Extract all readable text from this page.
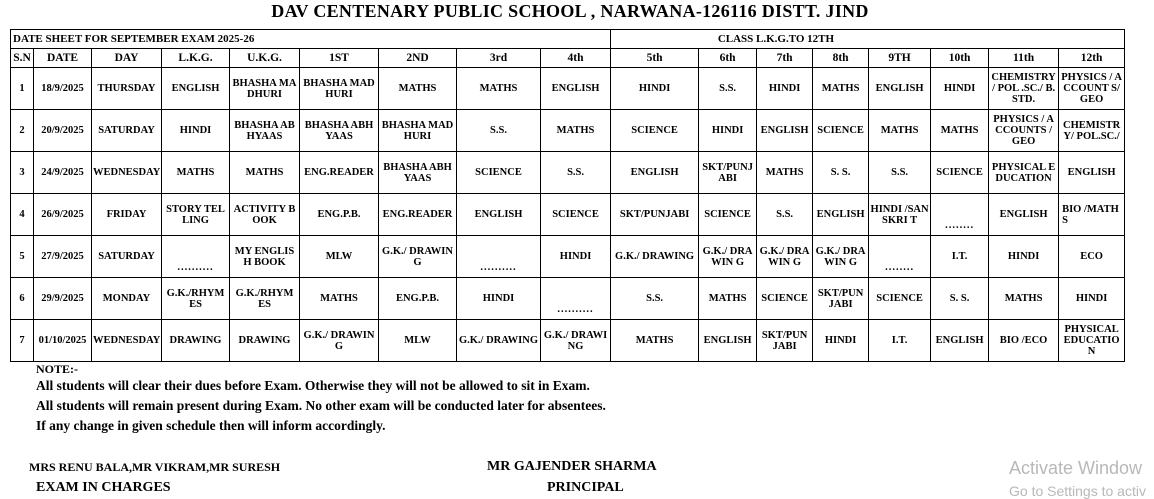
DAV CENTENARY PUBLIC SCHOOL , NARWANA-126116 DISTT. JIND
DATE SHEET FOR SEPTEMBER EXAM 2025-26									CLASS L.K.G.TO 12TH							
S.N	DATE	DAY	L.K.G.	U.K.G.	1ST	2ND	3rd	4th	5th	6th	7th	8th	9TH	10th	11th	12th
1	18/9/2025	THURSDAY	ENGLISH	BHASHA MADHURI	BHASHA MADHURI	MATHS	MATHS	ENGLISH	HINDI	S.S.	HINDI	MATHS	ENGLISH	HINDI	CHEMISTRY / POL .SC./ B.STD.	PHYSICS / ACCOUNT S/ GEO
2	20/9/2025	SATURDAY	HINDI	BHASHA ABHYAAS	BHASHA ABHYAAS	BHASHA MADHURI	S.S.	MATHS	SCIENCE	HINDI	ENGLISH	SCIENCE	MATHS	MATHS	PHYSICS / ACCOUNTS / GEO	CHEMISTR Y/ POL.SC./
3	24/9/2025	WEDNESDAY	MATHS	MATHS	ENG.READER	BHASHA ABHYAAS	SCIENCE	S.S.	ENGLISH	SKT/PUNJ ABI	MATHS	S. S.	S.S.	SCIENCE	PHYSICAL EDUCATION	ENGLISH
4	26/9/2025	FRIDAY	STORY TELLING	ACTIVITY BOOK	ENG.P.B.	ENG.READER	ENGLISH	SCIENCE	SKT/PUNJABI	SCIENCE	S.S.	ENGLISH	HINDI /SANSKRI T	........	ENGLISH	BIO /MATHS
5	27/9/2025	SATURDAY	..........	MY ENGLISH BOOK	MLW	G.K./ DRAWING	..........	HINDI	G.K./ DRAWING	G.K./ DRAWIN G	G.K./ DRAWIN G	G.K./ DRAWIN G	........	I.T.	HINDI	ECO
6	29/9/2025	MONDAY	G.K./RHYM ES	G.K./RHYM ES	MATHS	ENG.P.B.	HINDI	..........	S.S.	MATHS	SCIENCE	SKT/PUN JABI	SCIENCE	S. S.	MATHS	HINDI
7	01/10/2025	WEDNESDAY	DRAWING	DRAWING	G.K./ DRAWING	MLW	G.K./ DRAWING	G.K./ DRAWING	MATHS	ENGLISH	SKT/PUN JABI	HINDI	I.T.	ENGLISH	BIO /ECO	PHYSICAL EDUCATIO N
NOTE:-
All students will clear their dues before Exam. Otherwise they will not be allowed to sit in Exam.
All students will remain present during Exam. No other exam will be conducted later for absentees.
If any change in given schedule then will inform accordingly.
MRS RENU BALA,MR VIKRAM,MR SURESH
EXAM IN CHARGES
MR GAJENDER SHARMA
PRINCIPAL
Activate Window
Go to Settings to activ
